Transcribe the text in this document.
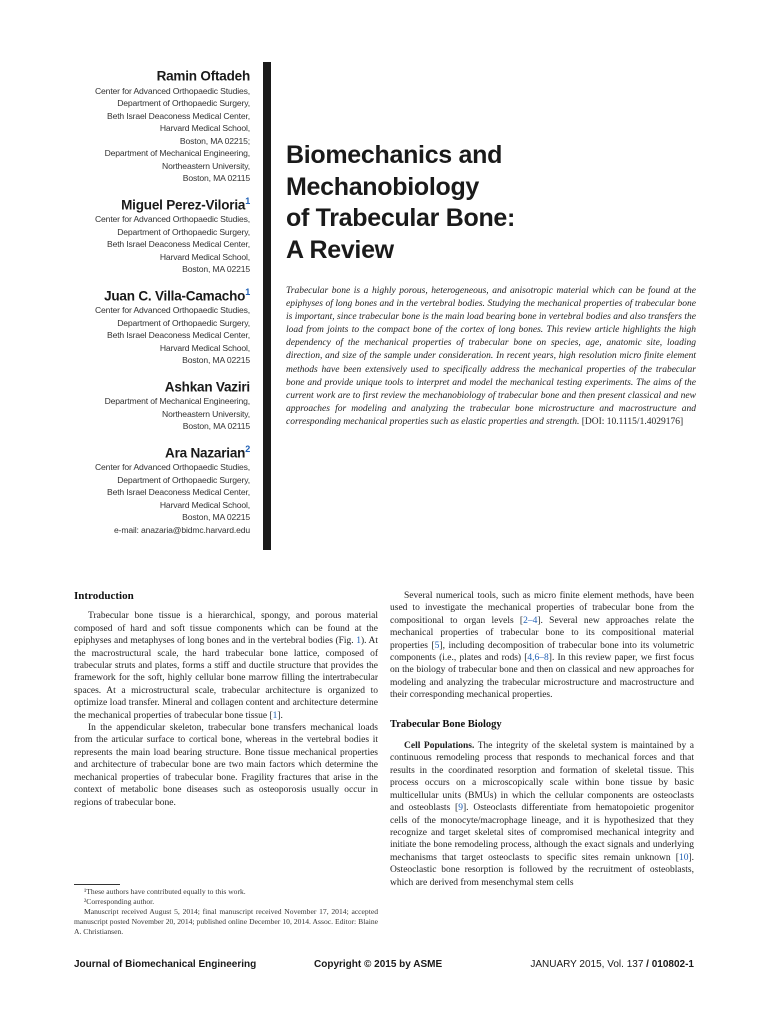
Ramin Oftadeh
Center for Advanced Orthopaedic Studies,
Department of Orthopaedic Surgery,
Beth Israel Deaconess Medical Center,
Harvard Medical School,
Boston, MA 02215;
Department of Mechanical Engineering,
Northeastern University,
Boston, MA 02115
Miguel Perez-Viloria$^1$
Center for Advanced Orthopaedic Studies,
Department of Orthopaedic Surgery,
Beth Israel Deaconess Medical Center,
Harvard Medical School,
Boston, MA 02215
Juan C. Villa-Camacho$^1$
Center for Advanced Orthopaedic Studies,
Department of Orthopaedic Surgery,
Beth Israel Deaconess Medical Center,
Harvard Medical School,
Boston, MA 02215
Ashkan Vaziri
Department of Mechanical Engineering,
Northeastern University,
Boston, MA 02115
Ara Nazarian$^2$
Center for Advanced Orthopaedic Studies,
Department of Orthopaedic Surgery,
Beth Israel Deaconess Medical Center,
Harvard Medical School,
Boston, MA 02215
e-mail: anazaria@bidmc.harvard.edu
Biomechanics and
Mechanobiology
of Trabecular Bone:
A Review
Trabecular bone is a highly porous, heterogeneous, and anisotropic material which can be found at the epiphyses of long bones and in the vertebral bodies. Studying the mechanical properties of trabecular bone is important, since trabecular bone is the main load bearing bone in vertebral bodies and also transfers the load from joints to the compact bone of the cortex of long bones. This review article highlights the high dependency of the mechanical properties of trabecular bone on species, age, anatomic site, loading direction, and size of the sample under consideration. In recent years, high resolution micro finite element methods have been extensively used to specifically address the mechanical properties of the trabecular bone and provide unique tools to interpret and model the mechanical testing experiments. The aims of the current work are to first review the mechanobiology of trabecular bone and then present classical and new approaches for modeling and analyzing the trabecular bone microstructure and macrostructure and corresponding mechanical properties such as elastic properties and strength. [DOI: 10.1115/1.4029176]
Introduction

Trabecular bone tissue is a hierarchical, spongy, and porous material composed of hard and soft tissue components which can be found at the epiphyses and metaphyses of long bones and in the vertebral bodies (Fig. 1). At the macrostructural scale, the hard trabecular bone lattice, composed of trabecular struts and plates, forms a stiff and ductile structure that provides the framework for the soft, highly cellular bone marrow filling the intertrabecular spaces. At a microstructural scale, trabecular architecture is organized to optimize load transfer. Mineral and collagen content and architecture determine the mechanical properties of trabecular bone tissue [1].

In the appendicular skeleton, trabecular bone transfers mechanical loads from the articular surface to cortical bone, whereas in the vertebral bodies it represents the main load bearing structure. Bone tissue mechanical properties and architecture of trabecular bone are two main factors which determine the mechanical properties of trabecular bone. Fragility fractures that arise in the context of metabolic bone diseases such as osteoporosis usually occur in regions of trabecular bone.

Several numerical tools, such as micro finite element methods, have been used to investigate the mechanical properties of trabecular bone from the compositional to organ levels [2–4]. Several new approaches relate the mechanical properties of trabecular bone to its compositional material properties [5], including decomposition of trabecular bone into its volumetric components (i.e., plates and rods) [4,6–8]. In this review paper, we first focus on the biology of trabecular bone and then on classical and new approaches for modeling and analyzing the trabecular microstructure and macrostructure and their corresponding mechanical properties.

Trabecular Bone Biology

Cell Populations. The integrity of the skeletal system is maintained by a continuous remodeling process that responds to mechanical forces and that results in the coordinated resorption and formation of skeletal tissue. This process occurs on a microscopically scale within bone tissue by basic multicellular units (BMUs) in which the cellular components are osteoclasts and osteoblasts [9]. Osteoclasts differentiate from hematopoietic progenitor cells of the monocyte/macrophage lineage, and it is hypothesized that they recognize and target skeletal sites of compromised mechanical integrity and initiate the bone remodeling process, although the exact signals and underlying mechanisms that target osteoclasts to specific sites remain unknown [10]. Osteoclastic bone resorption is followed by the recruitment of osteoblasts, which are derived from mesenchymal stem cells

¹These authors have contributed equally to this work.

²Corresponding author.

Manuscript received August 5, 2014; final manuscript received November 17, 2014; accepted manuscript posted November 20, 2014; published online December 10, 2014. Assoc. Editor: Blaine A. Christiansen.

Journal of Biomechanical Engineering	Copyright © 2015 by ASME	JANUARY 2015, Vol. 137 / 010802-1
